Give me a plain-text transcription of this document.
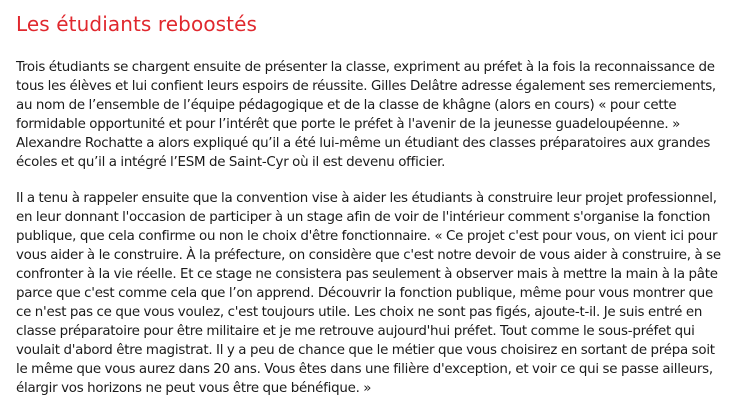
Les étudiants reboostés

Trois étudiants se chargent ensuite de présenter la classe, expriment au préfet à la fois la reconnaissance de tous les élèves et lui confient leurs espoirs de réussite. Gilles Delâtre adresse également ses remerciements, au nom de l’ensemble de l’équipe pédagogique et de la classe de khâgne (alors en cours) « pour cette formidable opportunité et pour l’intérêt que porte le préfet à l'avenir de la jeunesse guadeloupéenne. » Alexandre Rochatte a alors expliqué qu’il a été lui-même un étudiant des classes préparatoires aux grandes écoles et qu’il a intégré l’ESM de Saint-Cyr où il est devenu officier.

Il a tenu à rappeler ensuite que la convention vise à aider les étudiants à construire leur projet professionnel, en leur donnant l'occasion de participer à un stage afin de voir de l'intérieur comment s'organise la fonction publique, que cela confirme ou non le choix d'être fonctionnaire. « Ce projet c'est pour vous, on vient ici pour vous aider à le construire. À la préfecture, on considère que c'est notre devoir de vous aider à construire, à se confronter à la vie réelle. Et ce stage ne consistera pas seulement à observer mais à mettre la main à la pâte parce que c'est comme cela que l’on apprend. Découvrir la fonction publique, même pour vous montrer que ce n'est pas ce que vous voulez, c'est toujours utile. Les choix ne sont pas figés, ajoute-t-il. Je suis entré en classe préparatoire pour être militaire et je me retrouve aujourd'hui préfet. Tout comme le sous-préfet qui voulait d'abord être magistrat. Il y a peu de chance que le métier que vous choisirez en sortant de prépa soit le même que vous aurez dans 20 ans. Vous êtes dans une filière d'exception, et voir ce qui se passe ailleurs, élargir vos horizons ne peut vous être que bénéfique. »
